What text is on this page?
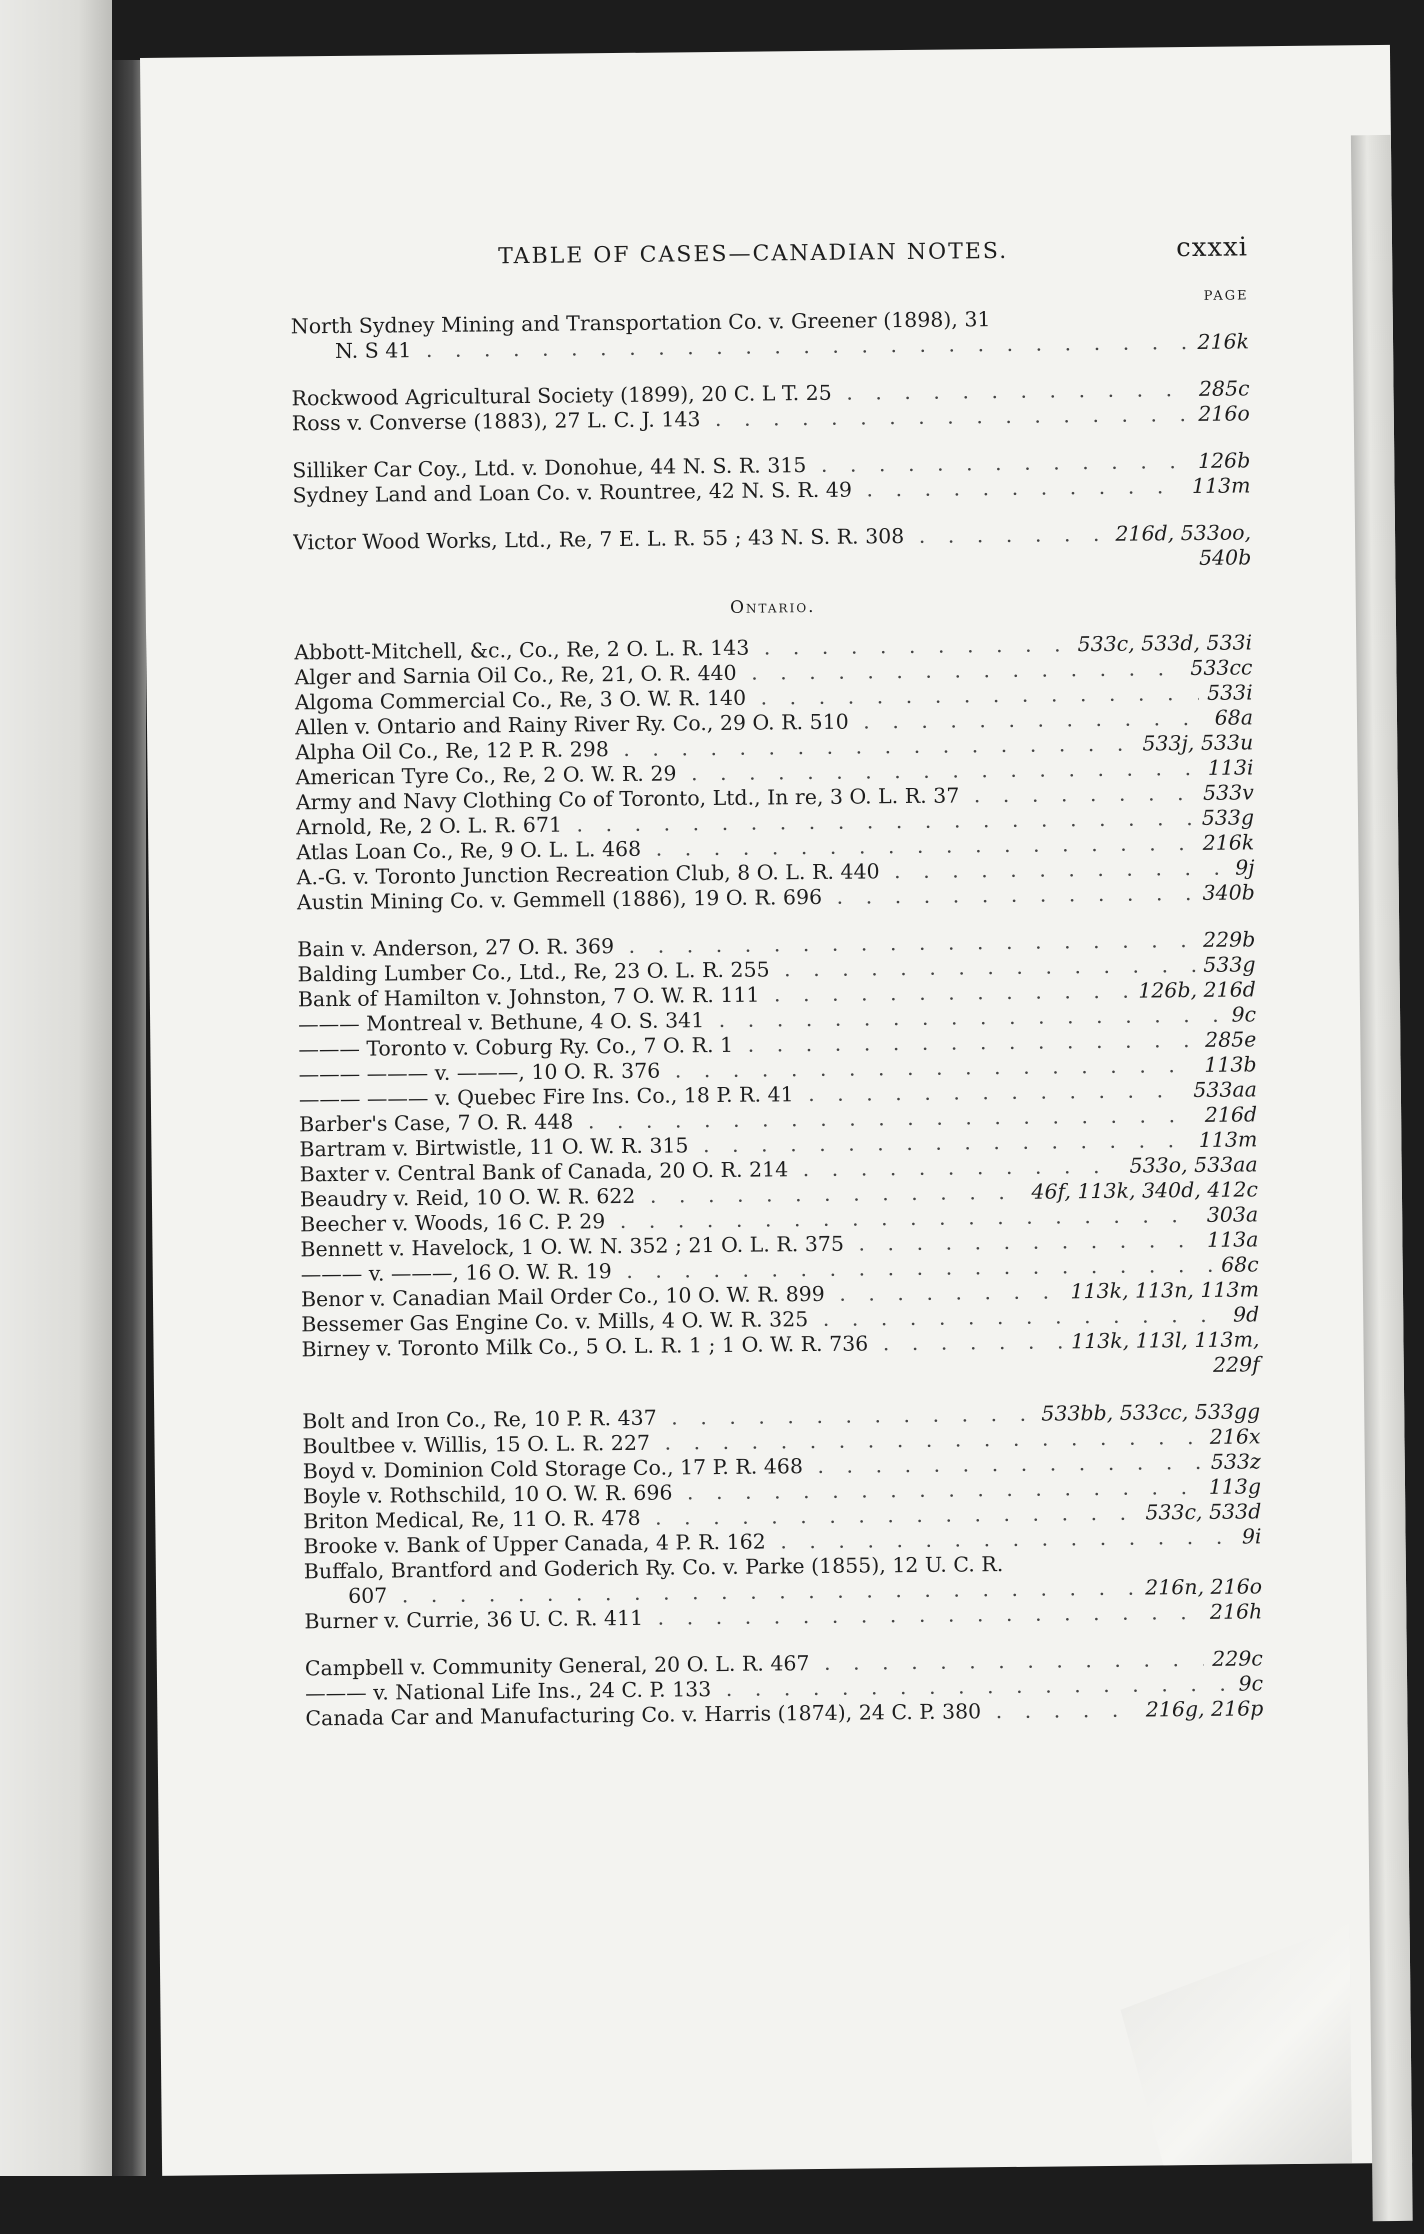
TABLE OF CASES—CANADIAN NOTES.	cxxxi
PAGE
North Sydney Mining and Transportation Co. v. Greener (1898), 31
N. S 41 . . .	216k
Rockwood Agricultural Society (1899), 20 C. L T. 25 . . .	285c
Ross v. Converse (1883), 27 L. C. J. 143 . . .	216o
Silliker Car Coy., Ltd. v. Donohue, 44 N. S. R. 315 . . .	126b
Sydney Land and Loan Co. v. Rountree, 42 N. S. R. 49 . . .	113m
Victor Wood Works, Ltd., Re, 7 E. L. R. 55 ; 43 N. S. R. 308 . . .	216d, 533oo,
540b
Ontario.
Abbott-Mitchell, &c., Co., Re, 2 O. L. R. 143 . . .	533c, 533d, 533i
Alger and Sarnia Oil Co., Re, 21, O. R. 440 . . .	533cc
Algoma Commercial Co., Re, 3 O. W. R. 140 . . .	533i
Allen v. Ontario and Rainy River Ry. Co., 29 O. R. 510 . . .	68a
Alpha Oil Co., Re, 12 P. R. 298 . . .	533j, 533u
American Tyre Co., Re, 2 O. W. R. 29 . . .	113i
Army and Navy Clothing Co of Toronto, Ltd., In re, 3 O. L. R. 37 . . .	533v
Arnold, Re, 2 O. L. R. 671 . . .	533g
Atlas Loan Co., Re, 9 O. L. L. 468 . . .	216k
A.-G. v. Toronto Junction Recreation Club, 8 O. L. R. 440 . . .	9j
Austin Mining Co. v. Gemmell (1886), 19 O. R. 696 . . .	340b
Bain v. Anderson, 27 O. R. 369 . . .	229b
Balding Lumber Co., Ltd., Re, 23 O. L. R. 255 . . .	533g
Bank of Hamilton v. Johnston, 7 O. W. R. 111 . . .	126b, 216d
——— Montreal v. Bethune, 4 O. S. 341 . . .	9c
——— Toronto v. Coburg Ry. Co., 7 O. R. 1 . . .	285e
——— ——— v. ———, 10 O. R. 376 . . .	113b
——— ——— v. Quebec Fire Ins. Co., 18 P. R. 41 . . .	533aa
Barber's Case, 7 O. R. 448 . . .	216d
Bartram v. Birtwistle, 11 O. W. R. 315 . . .	113m
Baxter v. Central Bank of Canada, 20 O. R. 214 . . .	533o, 533aa
Beaudry v. Reid, 10 O. W. R. 622 . . .	46f, 113k, 340d, 412c
Beecher v. Woods, 16 C. P. 29 . . .	303a
Bennett v. Havelock, 1 O. W. N. 352 ; 21 O. L. R. 375 . . .	113a
——— v. ———, 16 O. W. R. 19 . . .	68c
Benor v. Canadian Mail Order Co., 10 O. W. R. 899 . . .	113k, 113n, 113m
Bessemer Gas Engine Co. v. Mills, 4 O. W. R. 325 . . .	9d
Birney v. Toronto Milk Co., 5 O. L. R. 1 ; 1 O. W. R. 736 . . .	113k, 113l, 113m,
229f
Bolt and Iron Co., Re, 10 P. R. 437 . . .	533bb, 533cc, 533gg
Boultbee v. Willis, 15 O. L. R. 227 . . .	216x
Boyd v. Dominion Cold Storage Co., 17 P. R. 468 . . .	533z
Boyle v. Rothschild, 10 O. W. R. 696 . . .	113g
Briton Medical, Re, 11 O. R. 478 . . .	533c, 533d
Brooke v. Bank of Upper Canada, 4 P. R. 162 . . .	9i
Buffalo, Brantford and Goderich Ry. Co. v. Parke (1855), 12 U. C. R.
607 . . .	216n, 216o
Burner v. Currie, 36 U. C. R. 411 . . .	216h
Campbell v. Community General, 20 O. L. R. 467 . . .	229c
——— v. National Life Ins., 24 C. P. 133 . . .	9c
Canada Car and Manufacturing Co. v. Harris (1874), 24 C. P. 380 . . .	216g, 216p
